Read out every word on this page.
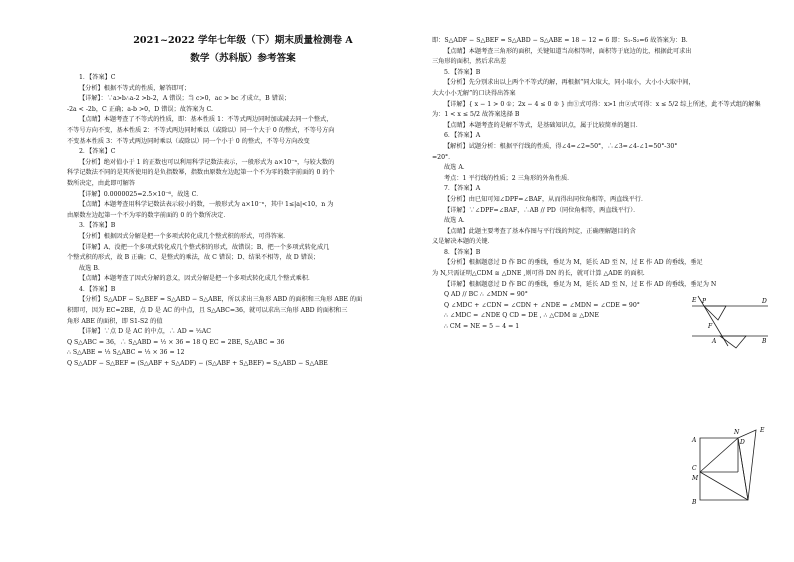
2021~2022 学年七年级（下）期末质量检测卷 A
数学（苏科版）参考答案
1．【答案】C
【分析】根据不等式的性质，解答即可；
【详解】：∵a>b∴a-2 >b-2，A 错误；当 c>0，ac > bc 才成立，B 错误；
-2a < -2b，C 正确；a-b >0，D 错误；故答案为 C.
【点睛】本题考查了不等式的性质，即：基本性质 1：不等式两边同时加或减去同一个整式，
不等号方向不变，基本性质 2：不等式两边同时乘以（或除以）同一个大于 0 的整式，不等号方向
不变基本性质 3：不等式两边同时乘以（或除以）同一个小于 0 的整式，不等号方向改变
2．【答案】C
【分析】绝对值小于 1 的正数也可以利用科学记数法表示，一般形式为 a×10⁻ⁿ，与较大数的
科学记数法不同的是其所使用的是负指数幂，指数由原数左边起第一个不为零的数字前面的 0 的个
数所决定，由此即可解答
【详解】0.0000025=2.5×10⁻⁶，故选 C．
【点睛】本题考查用科学记数法表示较小的数，一般形式为 a×10⁻ⁿ，其中 1≤|a|<10，n 为
由原数左边起第一个不为零的数字前面的 0 的个数所决定．
3．【答案】B
【分析】根据因式分解是把一个多项式转化成几个整式积的形式，可得答案．
【详解】A、没把一个多项式转化成几个整式积的形式，故错误；B、把一个多项式转化成几
个整式积的形式，故 B 正确；C、是整式的乘法，故 C 错误；D、结果不相等，故 D 错误；
故选 B．
【点睛】本题考查了因式分解的意义，因式分解是把一个多项式转化成几个整式乘积．
4．【答案】B
【分析】S△ADF − S△BEF = S△ABD − S△ABE，所以求出三角形 ABD 的面积和三角形 ABE 的面
积即可，因为 EC=2BE，点 D 是 AC 的中点，且 S△ABC=36，就可以求出三角形 ABD 的面积和三
角形 ABE 的面积，即 S1-S2 的值
【详解】∵点 D 是 AC 的中点，∴ AD = ½AC
Q S△ABC = 36，∴ S△ABD = ½ × 36 = 18 Q EC = 2BE, S△ABC = 36
∴ S△ABE = ⅓ S△ABC = ⅓ × 36 = 12
Q S△ADF − S△BEF = (S△ABF + S△ADF) − (S△ABF + S△BEF) = S△ABD − S△ABE
即：S△ADF − S△BEF = S△ABD − S△ABE = 18 − 12 = 6 即：S₁-S₂=6 故答案为：B．
【点睛】本题考查三角形的面积，关键知道当高相等时，面积等于底边的比，根据此可求出
三角形的面积，然后求出差
5．【答案】B
【分析】先分别求出以上两个不等式的解，再根据“同大取大，同小取小，大小小大取中间，
大大小小无解”的口诀得出答案
【详解】{ x − 1 > 0 ①；2x − 4 ≤ 0 ② } 由①式可得：x>1 由②式可得：x ≤ 5/2 综上所述，此不等式组的解集
为：1 < x ≤ 5/2 故答案选择 B
【点睛】本题考查的是解不等式，是基础知识点，属于比较简单的题目．
6．【答案】A
【解析】试题分析：根据平行线的性质，得∠4=∠2=50°，∴∠3=∠4-∠1=50°-30°
=20°．
故选 A．
考点：1 平行线的性质；2 三角形的外角性质．
7．【答案】A
【分析】由已知可知∠DPF=∠BAF，从而得出同位角相等，两直线平行．
【详解】∵∠DPF=∠BAF，∴AB // PD（同位角相等，两直线平行）．
故选 A．
【点睛】此题主要考查了基本作图与平行线的判定，正确理解题目的含
义是解决本题的关键．
8．【答案】B
【分析】根据题意过 D 作 BC 的垂线，垂足为 M，延长 AD 至 N，过 E 作 AD 的垂线，垂足
为 N,只需证明△CDM ≅ △DNE ,则可得 DN 的长，就可计算 △ADE 的面积.
【详解】根据题意过 D 作 BC 的垂线，垂足为 M，延长 AD 至 N，过 E 作 AD 的垂线，垂足为 N
Q AD // BC ∴ ∠MDN = 90°
Q ∠MDC + ∠CDN = ∠CDN + ∠NDE = ∠MDN = ∠CDE = 90°
∴ ∠MDC = ∠NDE Q CD = DE , ∴ △CDM ≅ △DNE
∴ CM = NE = 5 − 4 = 1
E P	D
F
A	B
E
N
D
A
C
M
B
